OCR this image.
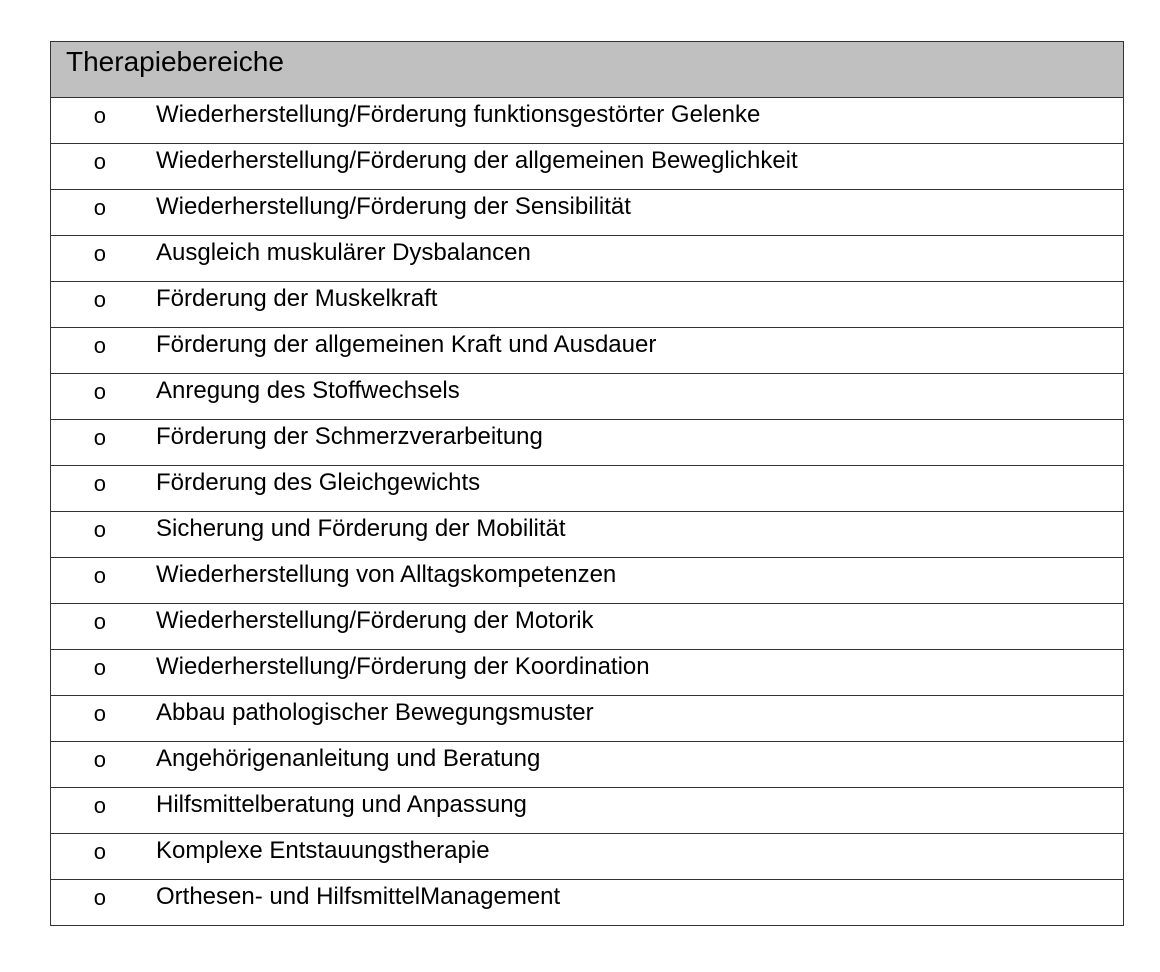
Therapiebereiche

o	Wiederherstellung/Förderung funktionsgestörter Gelenke

o	Wiederherstellung/Förderung der allgemeinen Beweglichkeit

o	Wiederherstellung/Förderung der Sensibilität

o	Ausgleich muskulärer Dysbalancen

o	Förderung der Muskelkraft

o	Förderung der allgemeinen Kraft und Ausdauer

o	Anregung des Stoffwechsels

o	Förderung der Schmerzverarbeitung

o	Förderung des Gleichgewichts

o	Sicherung und Förderung der Mobilität

o	Wiederherstellung von Alltagskompetenzen

o	Wiederherstellung/Förderung der Motorik

o	Wiederherstellung/Förderung der Koordination

o	Abbau pathologischer Bewegungsmuster

o	Angehörigenanleitung und Beratung

o	Hilfsmittelberatung und Anpassung

o	Komplexe Entstauungstherapie

o	Orthesen- und HilfsmittelManagement
